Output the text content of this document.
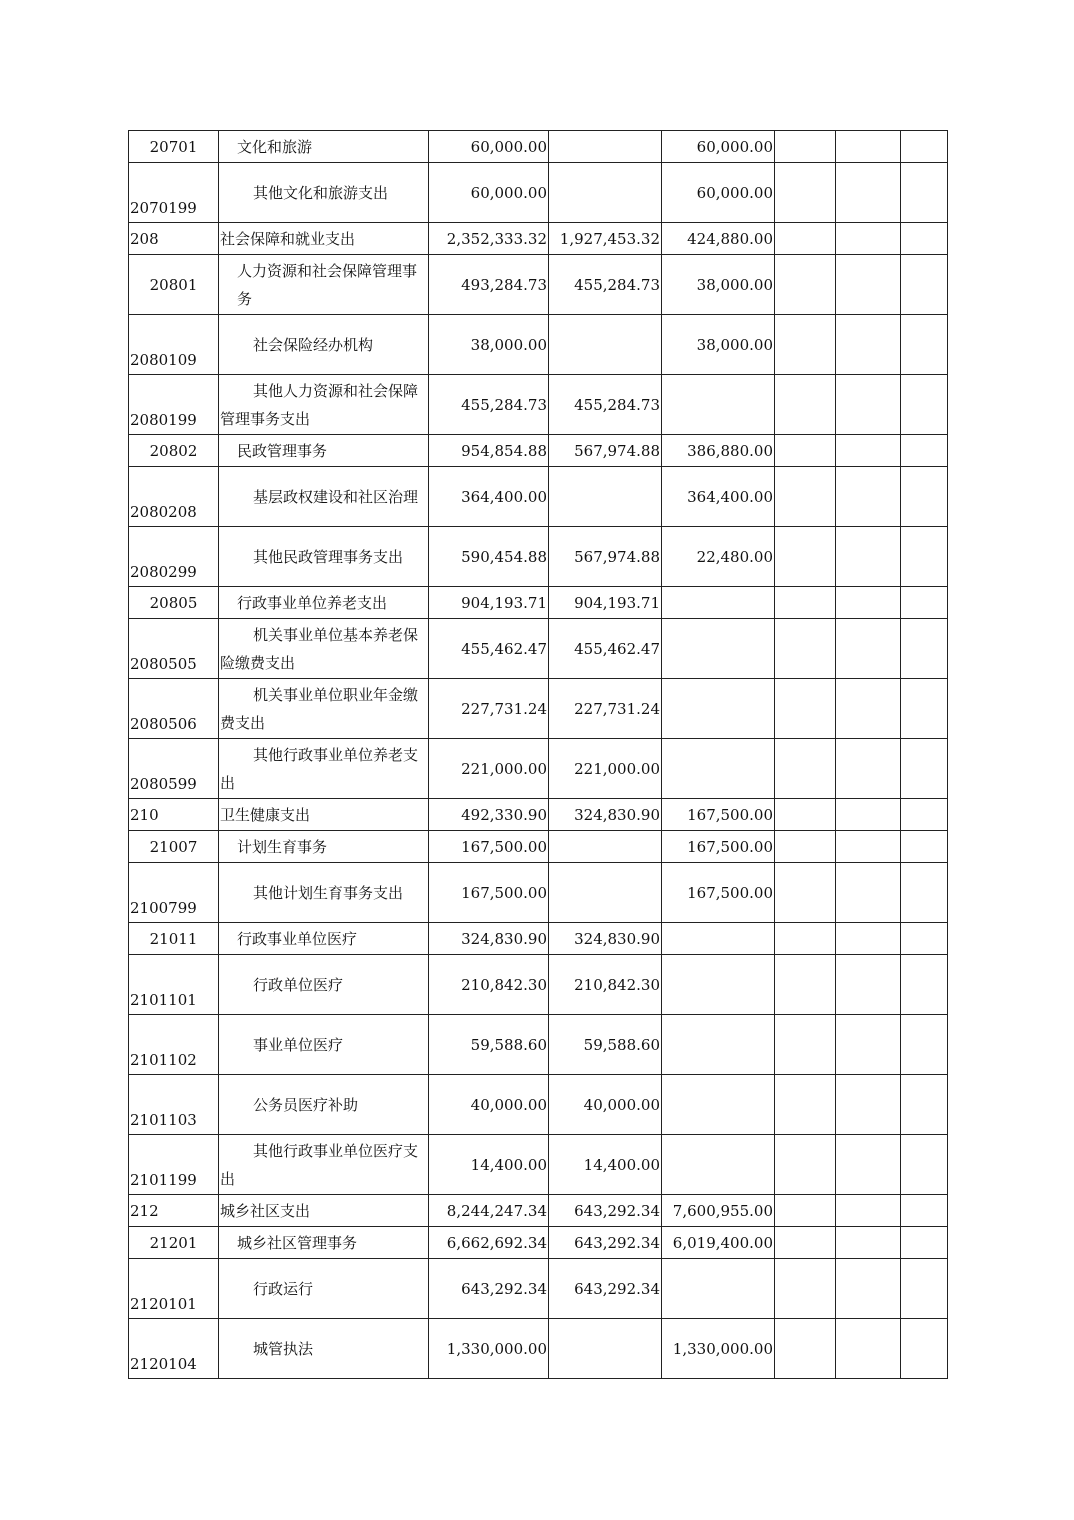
20701	文化和旅游	60,000.00		60,000.00			
2070199	其他文化和旅游支出	60,000.00		60,000.00			
208	社会保障和就业支出	2,352,333.32	1,927,453.32	424,880.00			
20801	人力资源和社会保障管理事务	493,284.73	455,284.73	38,000.00			
2080109	社会保险经办机构	38,000.00		38,000.00			
2080199	其他人力资源和社会保障管理事务支出	455,284.73	455,284.73				
20802	民政管理事务	954,854.88	567,974.88	386,880.00			
2080208	基层政权建设和社区治理	364,400.00		364,400.00			
2080299	其他民政管理事务支出	590,454.88	567,974.88	22,480.00			
20805	行政事业单位养老支出	904,193.71	904,193.71				
2080505	机关事业单位基本养老保险缴费支出	455,462.47	455,462.47				
2080506	机关事业单位职业年金缴费支出	227,731.24	227,731.24				
2080599	其他行政事业单位养老支出	221,000.00	221,000.00				
210	卫生健康支出	492,330.90	324,830.90	167,500.00			
21007	计划生育事务	167,500.00		167,500.00			
2100799	其他计划生育事务支出	167,500.00		167,500.00			
21011	行政事业单位医疗	324,830.90	324,830.90				
2101101	行政单位医疗	210,842.30	210,842.30				
2101102	事业单位医疗	59,588.60	59,588.60				
2101103	公务员医疗补助	40,000.00	40,000.00				
2101199	其他行政事业单位医疗支出	14,400.00	14,400.00				
212	城乡社区支出	8,244,247.34	643,292.34	7,600,955.00			
21201	城乡社区管理事务	6,662,692.34	643,292.34	6,019,400.00			
2120101	行政运行	643,292.34	643,292.34				
2120104	城管执法	1,330,000.00		1,330,000.00			
